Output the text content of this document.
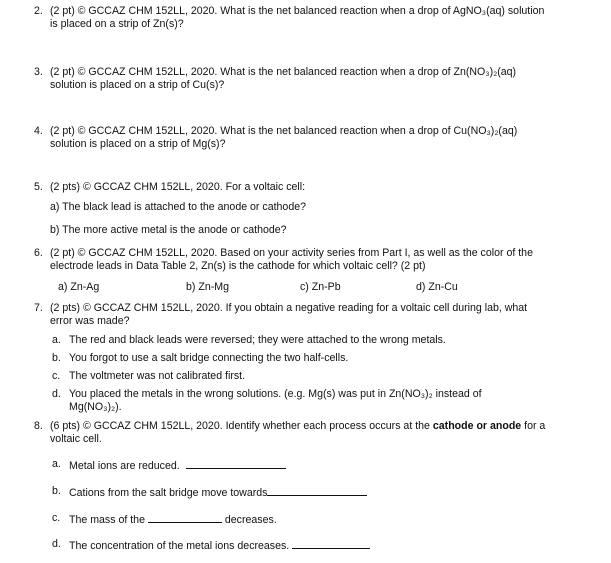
2. (2 pt) © GCCAZ CHM 152LL, 2020. What is the net balanced reaction when a drop of AgNO₃(aq) solution
is placed on a strip of Zn(s)?
3. (2 pt) © GCCAZ CHM 152LL, 2020. What is the net balanced reaction when a drop of Zn(NO₃)₂(aq)
solution is placed on a strip of Cu(s)?
4. (2 pt) © GCCAZ CHM 152LL, 2020. What is the net balanced reaction when a drop of Cu(NO₃)₂(aq)
solution is placed on a strip of Mg(s)?
5. (2 pts) © GCCAZ CHM 152LL, 2020. For a voltaic cell:
a) The black lead is attached to the anode or cathode?
b) The more active metal is the anode or cathode?
6. (2 pt) © GCCAZ CHM 152LL, 2020. Based on your activity series from Part I, as well as the color of the
electrode leads in Data Table 2, Zn(s) is the cathode for which voltaic cell? (2 pt)
a) Zn-Ag	b) Zn-Mg	c) Zn-Pb	d) Zn-Cu
7. (2 pts) © GCCAZ CHM 152LL, 2020. If you obtain a negative reading for a voltaic cell during lab, what
error was made?
a. The red and black leads were reversed; they were attached to the wrong metals.
b. You forgot to use a salt bridge connecting the two half-cells.
c. The voltmeter was not calibrated first.
d. You placed the metals in the wrong solutions. (e.g. Mg(s) was put in Zn(NO₃)₂ instead of
Mg(NO₃)₂).
8. (6 pts) © GCCAZ CHM 152LL, 2020. Identify whether each process occurs at the cathode or anode for a
voltaic cell.
a. Metal ions are reduced.
b. Cations from the salt bridge move towards
c. The mass of the	decreases.
d. The concentration of the metal ions decreases.
